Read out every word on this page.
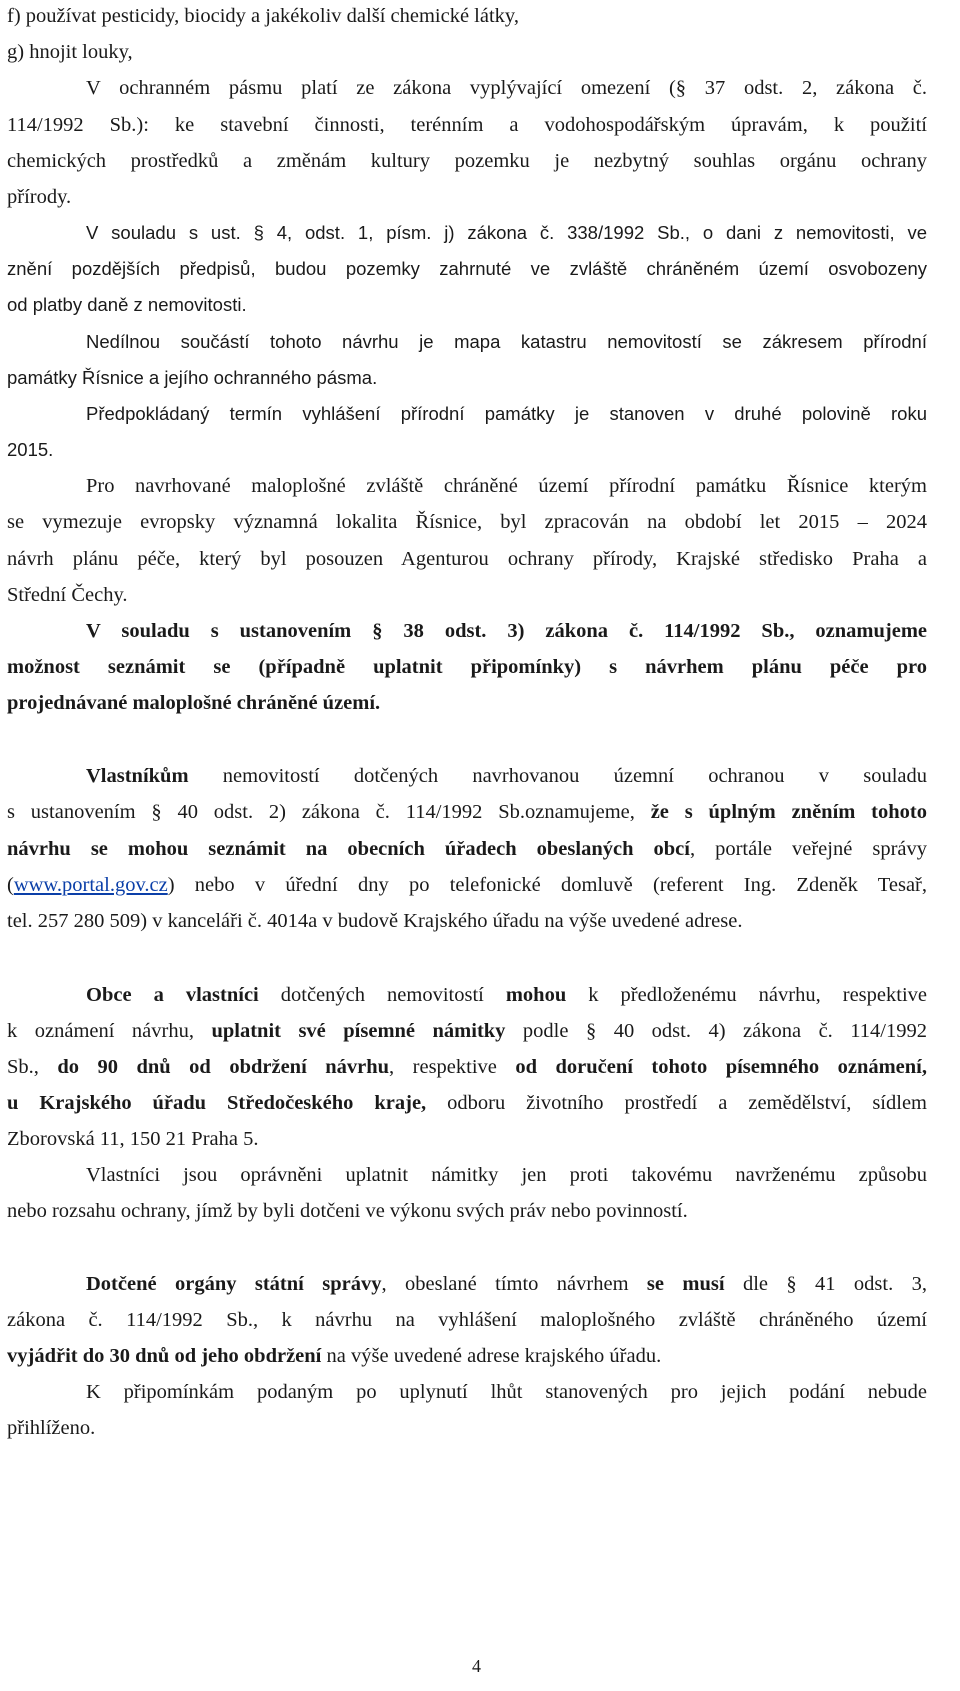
f) používat pesticidy, biocidy a jakékoliv další chemické látky,
g) hnojit louky,
V ochranném pásmu platí ze zákona vyplývající omezení (§ 37 odst. 2, zákona č.
114/1992 Sb.): ke stavební činnosti, terénním a vodohospodářským úpravám, k použití
chemických prostředků a změnám kultury pozemku je nezbytný souhlas orgánu ochrany
přírody.
V souladu s ust. § 4, odst. 1, písm. j) zákona č. 338/1992 Sb., o dani z nemovitosti, ve
znění pozdějších předpisů, budou pozemky zahrnuté ve zvláště chráněném území osvobozeny
od platby daně z nemovitosti.
Nedílnou součástí tohoto návrhu je mapa katastru nemovitostí se zákresem přírodní
památky Řísnice a jejího ochranného pásma.
Předpokládaný termín vyhlášení přírodní památky je stanoven v druhé polovině roku
2015.
Pro navrhované maloplošné zvláště chráněné území přírodní památku Řísnice kterým
se vymezuje evropsky významná lokalita Řísnice, byl zpracován na období let 2015 – 2024
návrh plánu péče, který byl posouzen Agenturou ochrany přírody, Krajské středisko Praha a
Střední Čechy.
V souladu s ustanovením § 38 odst. 3) zákona č. 114/1992 Sb., oznamujeme
možnost seznámit se (případně uplatnit připomínky) s návrhem plánu péče pro
projednávané maloplošné chráněné území.
Vlastníkům nemovitostí dotčených navrhovanou územní ochranou v souladu
s ustanovením § 40 odst. 2) zákona č. 114/1992 Sb.oznamujeme, že s úplným zněním tohoto
návrhu se mohou seznámit na obecních úřadech obeslaných obcí, portále veřejné správy
(www.portal.gov.cz) nebo v úřední dny po telefonické domluvě (referent Ing. Zdeněk Tesař,
tel. 257 280 509) v kanceláři č. 4014a v budově Krajského úřadu na výše uvedené adrese.
Obce a vlastníci dotčených nemovitostí mohou k předloženému návrhu, respektive
k oznámení návrhu, uplatnit své písemné námitky podle § 40 odst. 4) zákona č. 114/1992
Sb., do 90 dnů od obdržení návrhu, respektive od doručení tohoto písemného oznámení,
u Krajského úřadu Středočeského kraje, odboru životního prostředí a zemědělství, sídlem
Zborovská 11, 150 21 Praha 5.
Vlastníci jsou oprávněni uplatnit námitky jen proti takovému navrženému způsobu
nebo rozsahu ochrany, jímž by byli dotčeni ve výkonu svých práv nebo povinností.
Dotčené orgány státní správy, obeslané tímto návrhem se musí dle § 41 odst. 3,
zákona č. 114/1992 Sb., k návrhu na vyhlášení maloplošného zvláště chráněného území
vyjádřit do 30 dnů od jeho obdržení na výše uvedené adrese krajského úřadu.
K připomínkám podaným po uplynutí lhůt stanovených pro jejich podání nebude
přihlíženo.
4
